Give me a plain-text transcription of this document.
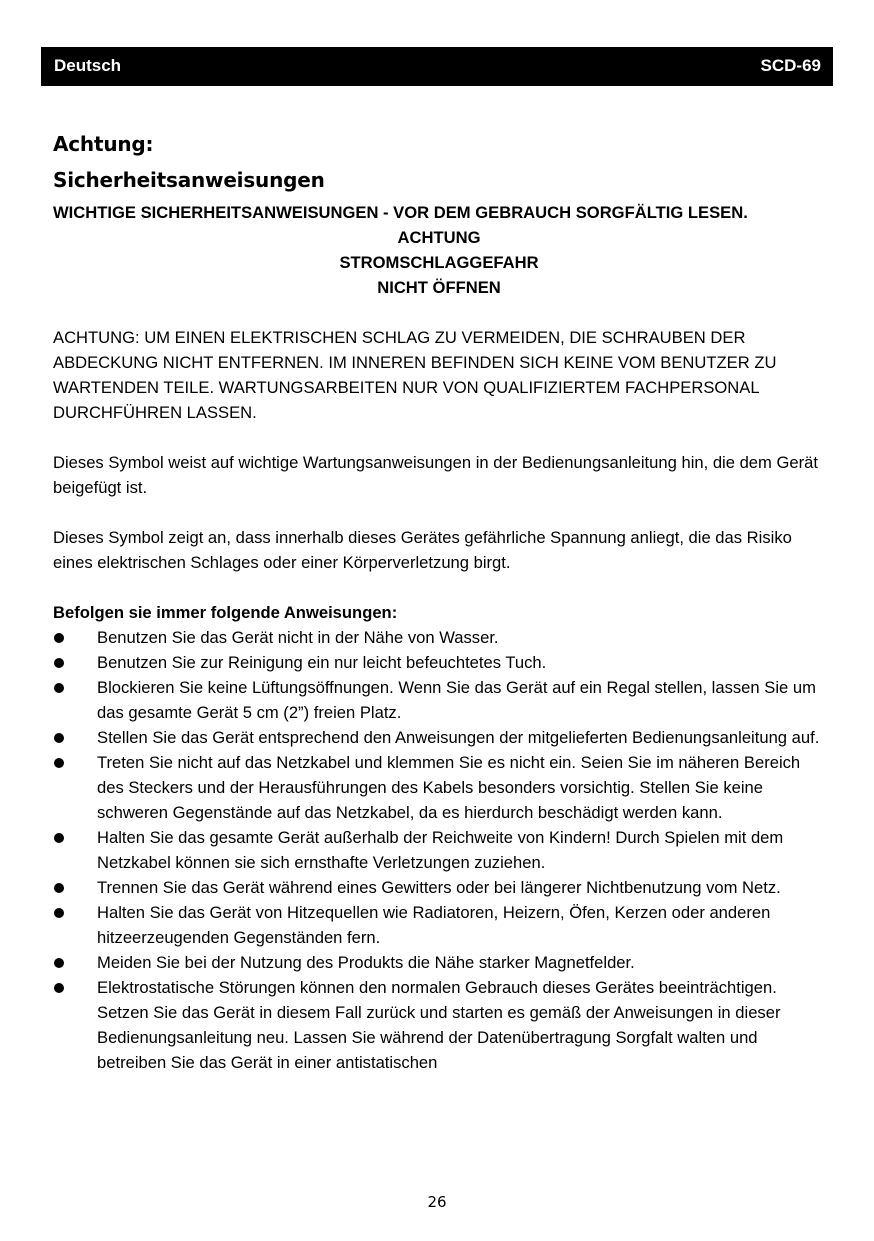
Deutsch	SCD-69
Achtung:
Sicherheitsanweisungen

WICHTIGE SICHERHEITSANWEISUNGEN - VOR DEM GEBRAUCH SORGFÄLTIG LESEN.

ACHTUNG
STROMSCHLAGGEFAHR
NICHT ÖFFNEN

ACHTUNG: UM EINEN ELEKTRISCHEN SCHLAG ZU VERMEIDEN, DIE SCHRAUBEN DER ABDECKUNG NICHT ENTFERNEN. IM INNEREN BEFINDEN SICH KEINE VOM BENUTZER ZU WARTENDEN TEILE. WARTUNGSARBEITEN NUR VON QUALIFIZIERTEM FACHPERSONAL DURCHFÜHREN LASSEN.

Dieses Symbol weist auf wichtige Wartungsanweisungen in der Bedienungsanleitung hin, die dem Gerät beigefügt ist.

Dieses Symbol zeigt an, dass innerhalb dieses Gerätes gefährliche Spannung anliegt, die das Risiko eines elektrischen Schlages oder einer Körperverletzung birgt.

Befolgen sie immer folgende Anweisungen:

Benutzen Sie das Gerät nicht in der Nähe von Wasser.
Benutzen Sie zur Reinigung ein nur leicht befeuchtetes Tuch.
Blockieren Sie keine Lüftungsöffnungen. Wenn Sie das Gerät auf ein Regal stellen, lassen Sie um das gesamte Gerät 5 cm (2”) freien Platz.
Stellen Sie das Gerät entsprechend den Anweisungen der mitgelieferten Bedienungsanleitung auf.
Treten Sie nicht auf das Netzkabel und klemmen Sie es nicht ein. Seien Sie im näheren Bereich des Steckers und der Herausführungen des Kabels besonders vorsichtig. Stellen Sie keine schweren Gegenstände auf das Netzkabel, da es hierdurch beschädigt werden kann.
Halten Sie das gesamte Gerät außerhalb der Reichweite von Kindern! Durch Spielen mit dem Netzkabel können sie sich ernsthafte Verletzungen zuziehen.
Trennen Sie das Gerät während eines Gewitters oder bei längerer Nichtbenutzung vom Netz.
Halten Sie das Gerät von Hitzequellen wie Radiatoren, Heizern, Öfen, Kerzen oder anderen hitzeerzeugenden Gegenständen fern.
Meiden Sie bei der Nutzung des Produkts die Nähe starker Magnetfelder.
Elektrostatische Störungen können den normalen Gebrauch dieses Gerätes beeinträchtigen. Setzen Sie das Gerät in diesem Fall zurück und starten es gemäß der Anweisungen in dieser Bedienungsanleitung neu. Lassen Sie während der Datenübertragung Sorgfalt walten und betreiben Sie das Gerät in einer antistatischen
26
